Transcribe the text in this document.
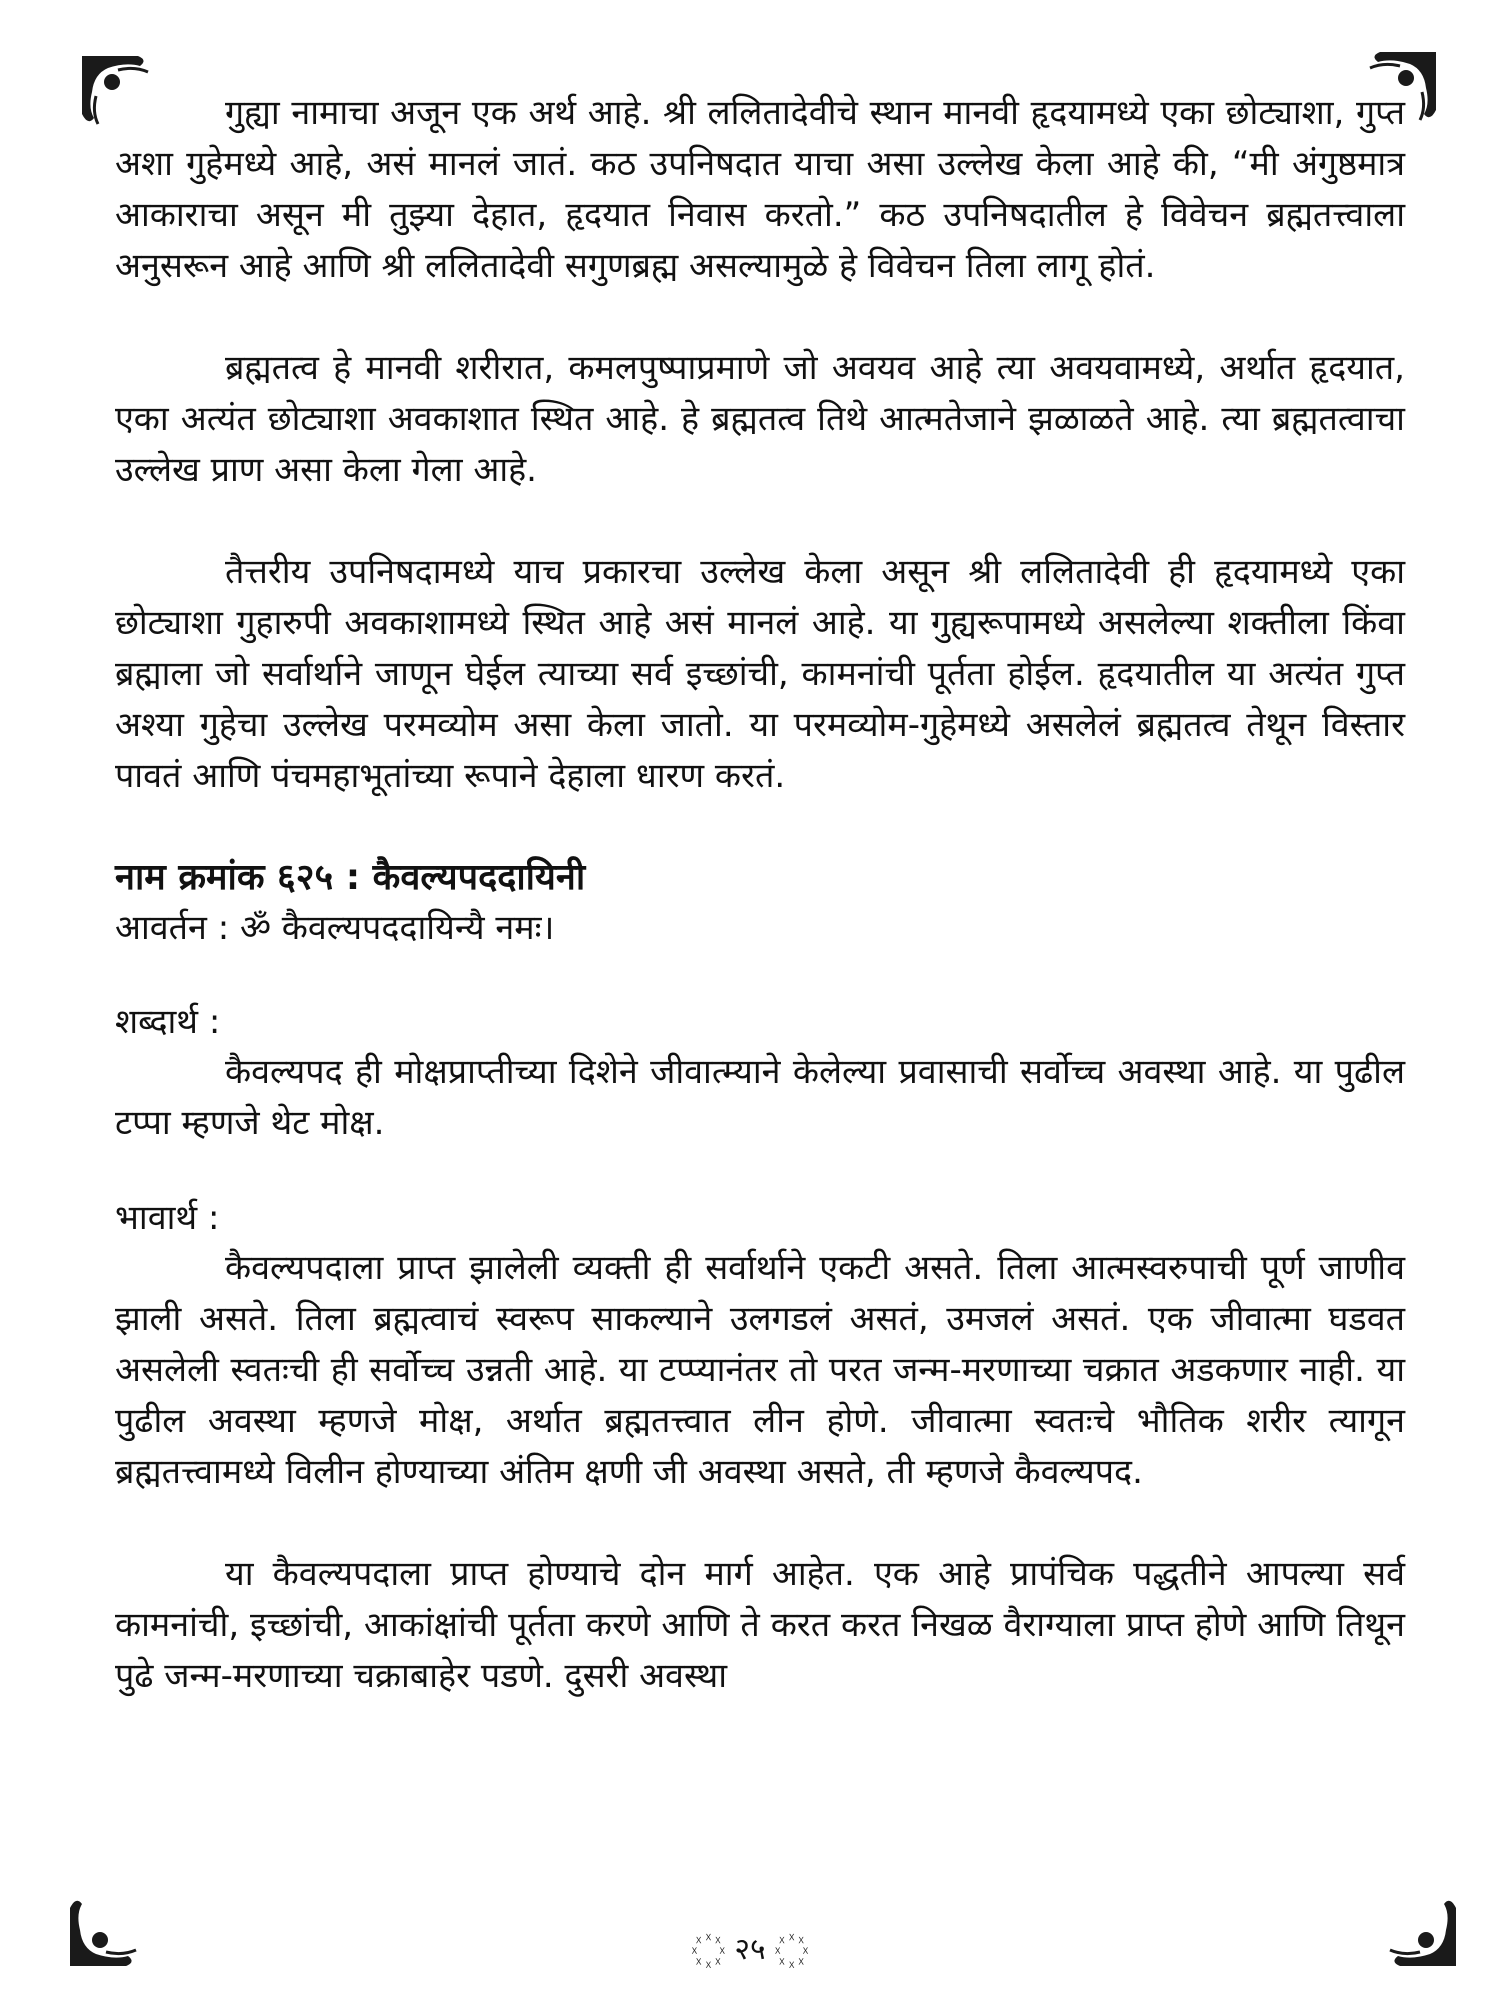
गुह्या नामाचा अजून एक अर्थ आहे. श्री ललितादेवीचे स्थान मानवी हृदयामध्ये एका छोट्याशा, गुप्त अशा गुहेमध्ये आहे, असं मानलं जातं. कठ उपनिषदात याचा असा उल्लेख केला आहे की, “मी अंगुष्ठमात्र आकाराचा असून मी तुझ्या देहात, हृदयात निवास करतो.” कठ उपनिषदातील हे विवेचन ब्रह्मतत्त्वाला अनुसरून आहे आणि श्री ललितादेवी सगुणब्रह्म असल्यामुळे हे विवेचन तिला लागू होतं.

ब्रह्मतत्व हे मानवी शरीरात, कमलपुष्पाप्रमाणे जो अवयव आहे त्या अवयवामध्ये, अर्थात हृदयात, एका अत्यंत छोट्याशा अवकाशात स्थित आहे. हे ब्रह्मतत्व तिथे आत्मतेजाने झळाळते आहे. त्या ब्रह्मतत्वाचा उल्लेख प्राण असा केला गेला आहे.

तैत्तरीय उपनिषदामध्ये याच प्रकारचा उल्लेख केला असून श्री ललितादेवी ही हृदयामध्ये एका छोट्याशा गुहारुपी अवकाशामध्ये स्थित आहे असं मानलं आहे. या गुह्यरूपामध्ये असलेल्या शक्तीला किंवा ब्रह्माला जो सर्वार्थाने जाणून घेईल त्याच्या सर्व इच्छांची, कामनांची पूर्तता होईल. हृदयातील या अत्यंत गुप्त अश्या गुहेचा उल्लेख परमव्योम असा केला जातो. या परमव्योम-गुहेमध्ये असलेलं ब्रह्मतत्व तेथून विस्तार पावतं आणि पंचमहाभूतांच्या रूपाने देहाला धारण करतं.

नाम क्रमांक ६२५ : कैवल्यपददायिनी

आवर्तन : ॐ कैवल्यपददायिन्यै नमः।

शब्दार्थ :

कैवल्यपद ही मोक्षप्राप्तीच्या दिशेने जीवात्म्याने केलेल्या प्रवासाची सर्वोच्च अवस्था आहे. या पुढील टप्पा म्हणजे थेट मोक्ष.

भावार्थ :

कैवल्यपदाला प्राप्त झालेली व्यक्ती ही सर्वार्थाने एकटी असते. तिला आत्मस्वरुपाची पूर्ण जाणीव झाली असते. तिला ब्रह्मत्वाचं स्वरूप साकल्याने उलगडलं असतं, उमजलं असतं. एक जीवात्मा घडवत असलेली स्वतःची ही सर्वोच्च उन्नती आहे. या टप्प्यानंतर तो परत जन्म-मरणाच्या चक्रात अडकणार नाही. या पुढील अवस्था म्हणजे मोक्ष, अर्थात ब्रह्मतत्त्वात लीन होणे. जीवात्मा स्वतःचे भौतिक शरीर त्यागून ब्रह्मतत्त्वामध्ये विलीन होण्याच्या अंतिम क्षणी जी अवस्था असते, ती म्हणजे कैवल्यपद.

या कैवल्यपदाला प्राप्त होण्याचे दोन मार्ग आहेत. एक आहे प्रापंचिक पद्धतीने आपल्या सर्व कामनांची, इच्छांची, आकांक्षांची पूर्तता करणे आणि ते करत करत निखळ वैराग्याला प्राप्त होणे आणि तिथून पुढे जन्म-मरणाच्या चक्राबाहेर पडणे. दुसरी अवस्था

२५
